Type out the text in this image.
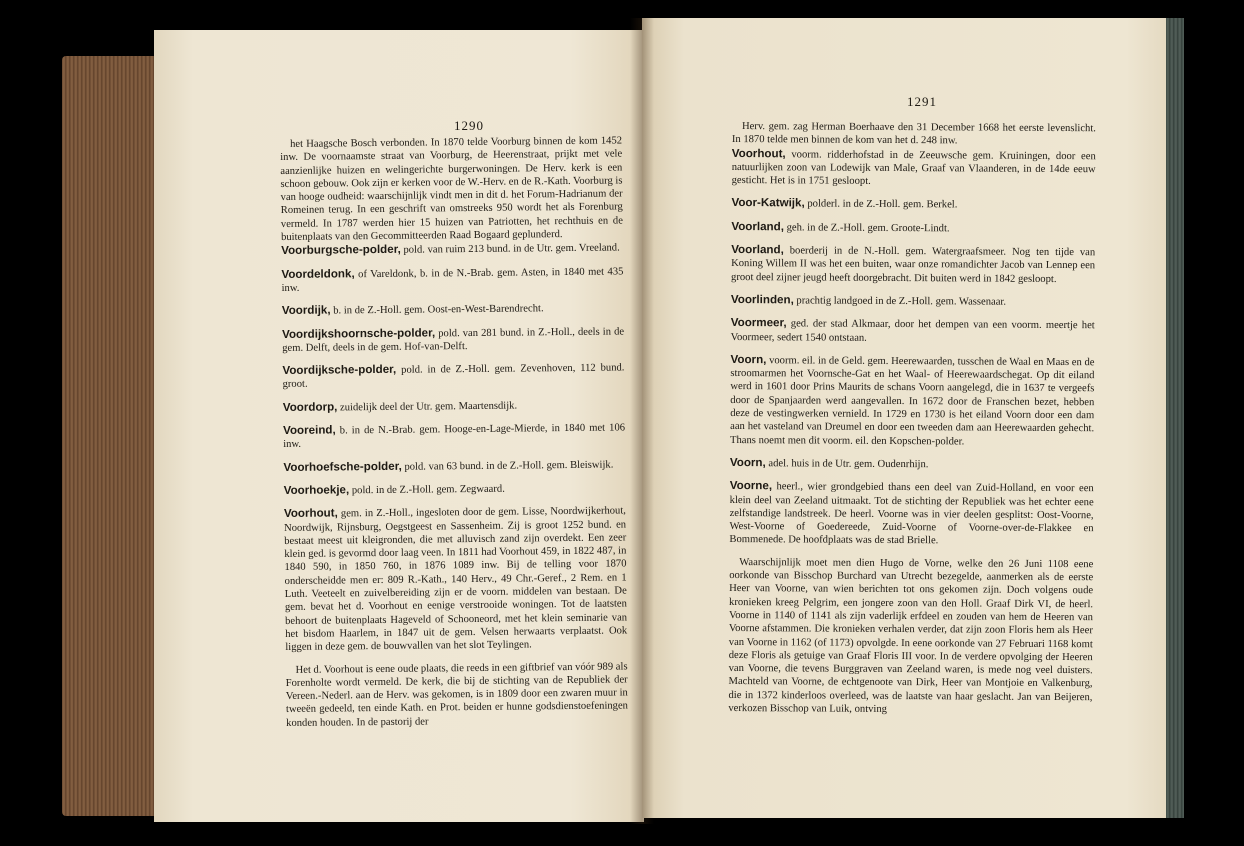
1290

het Haagsche Bosch verbonden. In 1870 telde Voorburg binnen de kom 1452 inw. De voornaamste straat van Voorburg, de Heerenstraat, prijkt met vele aanzienlijke huizen en welingerichte burgerwoningen. De Herv. kerk is een schoon gebouw. Ook zijn er kerken voor de W.-Herv. en de R.-Kath. Voorburg is van hooge oudheid: waarschijnlijk vindt men in dit d. het Forum-Hadrianum der Romeinen terug. In een geschrift van omstreeks 950 wordt het als Forenburg vermeld. In 1787 werden hier 15 huizen van Patriotten, het rechthuis en de buitenplaats van den Gecommitteerden Raad Bogaard geplunderd.

Voorburgsche-polder, pold. van ruim 213 bund. in de Utr. gem. Vreeland.

Voordeldonk, of Vareldonk, b. in de N.-Brab. gem. Asten, in 1840 met 435 inw.

Voordijk, b. in de Z.-Holl. gem. Oost-en-West-Barendrecht.

Voordijkshoornsche-polder, pold. van 281 bund. in Z.-Holl., deels in de gem. Delft, deels in de gem. Hof-van-Delft.

Voordijksche-polder, pold. in de Z.-Holl. gem. Zevenhoven, 112 bund. groot.

Voordorp, zuidelijk deel der Utr. gem. Maartensdijk.

Vooreind, b. in de N.-Brab. gem. Hooge-en-Lage-Mierde, in 1840 met 106 inw.

Voorhoefsche-polder, pold. van 63 bund. in de Z.-Holl. gem. Bleiswijk.

Voorhoekje, pold. in de Z.-Holl. gem. Zegwaard.

Voorhout, gem. in Z.-Holl., ingesloten door de gem. Lisse, Noordwijkerhout, Noordwijk, Rijnsburg, Oegstgeest en Sassenheim. Zij is groot 1252 bund. en bestaat meest uit kleigronden, die met alluvisch zand zijn overdekt. Een zeer klein ged. is gevormd door laag veen. In 1811 had Voorhout 459, in 1822 487, in 1840 590, in 1850 760, in 1876 1089 inw. Bij de telling voor 1870 onderscheidde men er: 809 R.-Kath., 140 Herv., 49 Chr.-Geref., 2 Rem. en 1 Luth. Veeteelt en zuivelbereiding zijn er de voorn. middelen van bestaan. De gem. bevat het d. Voorhout en eenige verstrooide woningen. Tot de laatsten behoort de buitenplaats Hageveld of Schooneord, met het klein seminarie van het bisdom Haarlem, in 1847 uit de gem. Velsen herwaarts verplaatst. Ook liggen in deze gem. de bouwvallen van het slot Teylingen.

Het d. Voorhout is eene oude plaats, die reeds in een giftbrief van vóór 989 als Forenholte wordt vermeld. De kerk, die bij de stichting van de Republiek der Vereen.-Nederl. aan de Herv. was gekomen, is in 1809 door een zwaren muur in tweeën gedeeld, ten einde Kath. en Prot. beiden er hunne godsdienstoefeningen konden houden. In de pastorij der

1291

Herv. gem. zag Herman Boerhaave den 31 December 1668 het eerste levenslicht. In 1870 telde men binnen de kom van het d. 248 inw.

Voorhout, voorm. ridderhofstad in de Zeeuwsche gem. Kruiningen, door een natuurlijken zoon van Lodewijk van Male, Graaf van Vlaanderen, in de 14de eeuw gesticht. Het is in 1751 gesloopt.

Voor-Katwijk, polderl. in de Z.-Holl. gem. Berkel.

Voorland, geh. in de Z.-Holl. gem. Groote-Lindt.

Voorland, boerderij in de N.-Holl. gem. Watergraafsmeer. Nog ten tijde van Koning Willem II was het een buiten, waar onze romandichter Jacob van Lennep een groot deel zijner jeugd heeft doorgebracht. Dit buiten werd in 1842 gesloopt.

Voorlinden, prachtig landgoed in de Z.-Holl. gem. Wassenaar.

Voormeer, ged. der stad Alkmaar, door het dempen van een voorm. meertje het Voormeer, sedert 1540 ontstaan.

Voorn, voorm. eil. in de Geld. gem. Heerewaarden, tusschen de Waal en Maas en de stroomarmen het Voornsche-Gat en het Waal- of Heerewaardschegat. Op dit eiland werd in 1601 door Prins Maurits de schans Voorn aangelegd, die in 1637 te vergeefs door de Spanjaarden werd aangevallen. In 1672 door de Franschen bezet, hebben deze de vestingwerken vernield. In 1729 en 1730 is het eiland Voorn door een dam aan het vasteland van Dreumel en door een tweeden dam aan Heerewaarden gehecht. Thans noemt men dit voorm. eil. den Kopschen-polder.

Voorn, adel. huis in de Utr. gem. Oudenrhijn.

Voorne, heerl., wier grondgebied thans een deel van Zuid-Holland, en voor een klein deel van Zeeland uitmaakt. Tot de stichting der Republiek was het echter eene zelfstandige landstreek. De heerl. Voorne was in vier deelen gesplitst: Oost-Voorne, West-Voorne of Goedereede, Zuid-Voorne of Voorne-over-de-Flakkee en Bommenede. De hoofdplaats was de stad Brielle.

Waarschijnlijk moet men dien Hugo de Vorne, welke den 26 Juni 1108 eene oorkonde van Bisschop Burchard van Utrecht bezegelde, aanmerken als de eerste Heer van Voorne, van wien berichten tot ons gekomen zijn. Doch volgens oude kronieken kreeg Pelgrim, een jongere zoon van den Holl. Graaf Dirk VI, de heerl. Voorne in 1140 of 1141 als zijn vaderlijk erfdeel en zouden van hem de Heeren van Voorne afstammen. Die kronieken verhalen verder, dat zijn zoon Floris hem als Heer van Voorne in 1162 (of 1173) opvolgde. In eene oorkonde van 27 Februari 1168 komt deze Floris als getuige van Graaf Floris III voor. In de verdere opvolging der Heeren van Voorne, die tevens Burggraven van Zeeland waren, is mede nog veel duisters. Machteld van Voorne, de echtgenoote van Dirk, Heer van Montjoie en Valkenburg, die in 1372 kinderloos overleed, was de laatste van haar geslacht. Jan van Beijeren, verkozen Bisschop van Luik, ontving
